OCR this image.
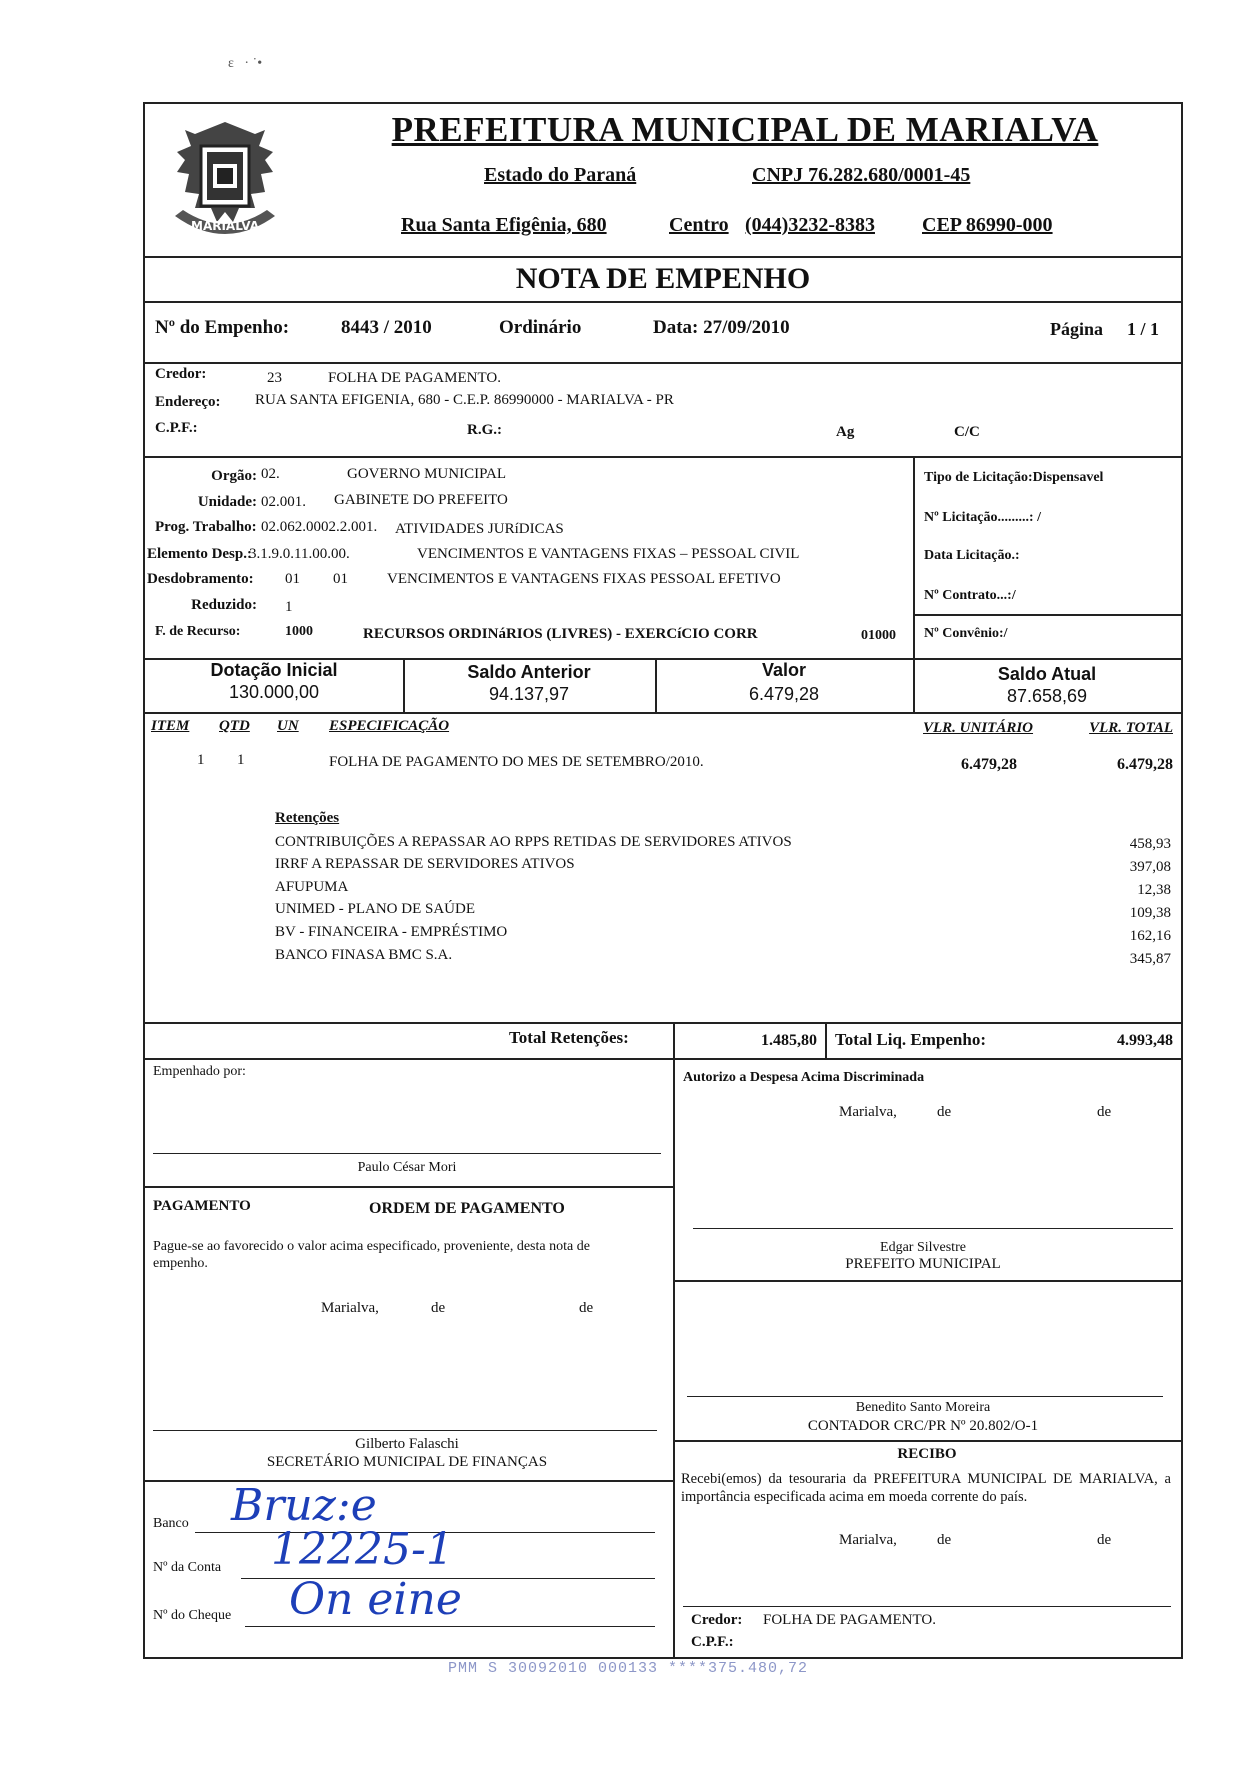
ɛ   · ˙•
MARIALVA
PREFEITURA MUNICIPAL DE MARIALVA
Estado do Paraná	CNPJ 76.282.680/0001-45
Rua Santa Efigênia, 680	Centro (044)3232-8383 CEP 86990-000
NOTA DE EMPENHO
Nº do Empenho:	8443 / 2010	Ordinário	Data: 27/09/2010	Página 1 / 1
Credor:	23	FOLHA DE PAGAMENTO.
Endereço: RUA SANTA EFIGENIA, 680 - C.E.P. 86990000 - MARIALVA - PR
C.P.F.:	R.G.:	Ag	C/C
Orgão: 02.	GOVERNO MUNICIPAL
Unidade: 02.001. GABINETE DO PREFEITO
Prog. Trabalho: 02.062.0002.2.001. ATIVIDADES JURíDICAS
Elemento Desp.:
3.1.9.0.11.00.00.	VENCIMENTOS E VANTAGENS FIXAS – PESSOAL CIVIL
Desdobramento: 01 01	VENCIMENTOS E VANTAGENS FIXAS PESSOAL EFETIVO
Reduzido: 1
F. de Recurso:	1000	RECURSOS ORDINáRIOS (LIVRES) - EXERCíCIO CORR	01000
Tipo de Licitação:Dispensavel
Nº Licitação.........: /
Data Licitação.:
Nº Contrato...:/
Nº Convênio:/
Dotação Inicial
130.000,00
Saldo Anterior
94.137,97
Valor
6.479,28
Saldo Atual
87.658,69
ITEM QTD UN ESPECIFICAÇÃO	VLR. UNITÁRIO	VLR. TOTAL
1 1	FOLHA DE PAGAMENTO DO MES DE SETEMBRO/2010.	6.479,28	6.479,28
Retenções
CONTRIBUIÇÕES A REPASSAR AO RPPS RETIDAS DE SERVIDORES ATIVOS	458,93
IRRF A REPASSAR DE SERVIDORES ATIVOS	397,08
AFUPUMA	12,38
UNIMED - PLANO DE SAÚDE	109,38
BV - FINANCEIRA - EMPRÉSTIMO	162,16
BANCO FINASA BMC S.A.	345,87
Total Retenções:	1.485,80 Total Liq. Empenho:	4.993,48
Empenhado por:
Paulo César Mori
PAGAMENTO	ORDEM DE PAGAMENTO
Pague-se ao favorecido o valor acima especificado, proveniente, desta nota de empenho.
Marialva,	de	de
Gilberto Falaschi
SECRETÁRIO MUNICIPAL DE FINANÇAS
Banco Bruz:e
Nº da Conta 12225-1
Nº do Cheque On eine
Autorizo a Despesa Acima Discriminada
Marialva,	de	de
Edgar Silvestre
PREFEITO MUNICIPAL
Benedito Santo Moreira
CONTADOR CRC/PR Nº 20.802/O-1
RECIBO
Recebi(emos) da tesouraria da PREFEITURA MUNICIPAL DE MARIALVA, a importância especificada acima em moeda corrente do país.
Marialva,	de	de
Credor: FOLHA DE PAGAMENTO.
C.P.F.:
PMM S 30092010 000133 ****375.480,72
